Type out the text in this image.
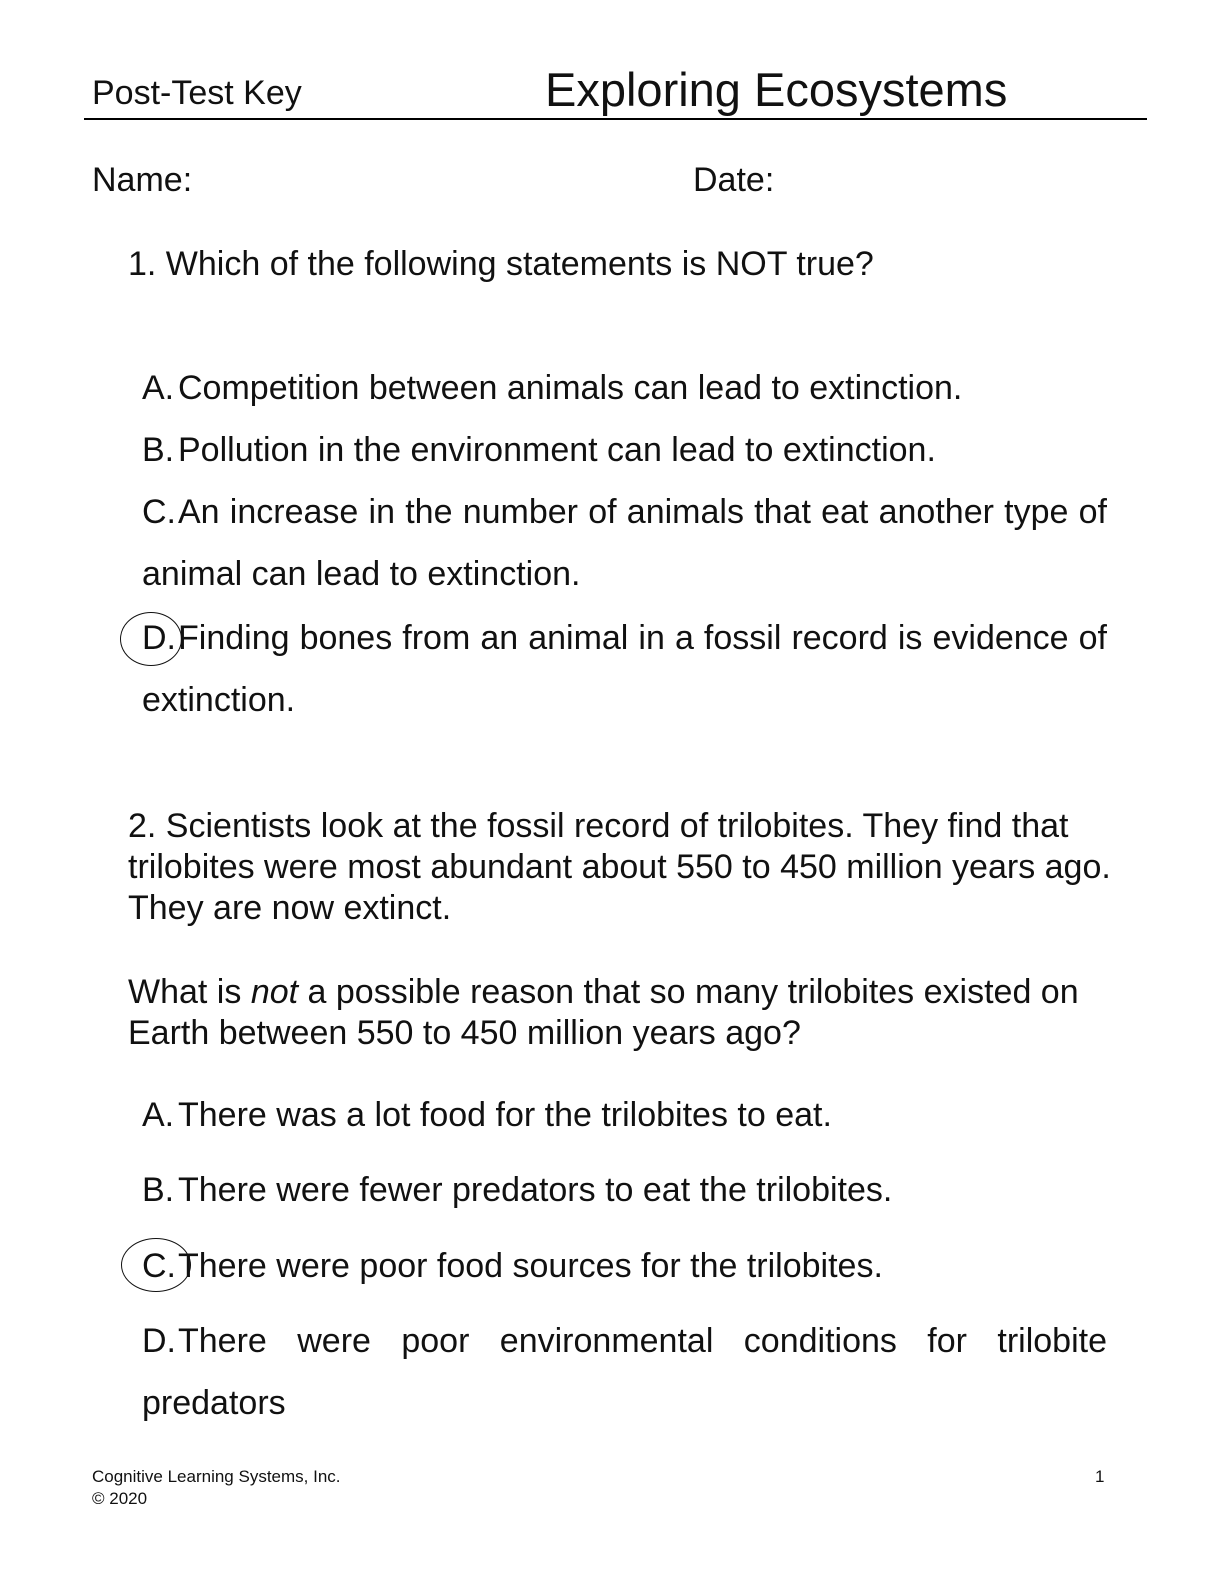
Post-Test Key	Exploring Ecosystems
Name:	Date:
1. Which of the following statements is NOT true?
A. Competition between animals can lead to extinction.
B. Pollution in the environment can lead to extinction.
C.An increase in the number of animals that eat another type of animal can lead to extinction.
D.Finding bones from an animal in a fossil record is evidence of extinction.
2. Scientists look at the fossil record of trilobites. They find that trilobites were most abundant about 550 to 450 million years ago. They are now extinct.
What is not a possible reason that so many trilobites existed on Earth between 550 to 450 million years ago?
A. There was a lot food for the trilobites to eat.
B. There were fewer predators to eat the trilobites.
C.There were poor food sources for the trilobites.
D.There were poor environmental conditions for trilobite predators
Cognitive Learning Systems, Inc.
© 2020
1
